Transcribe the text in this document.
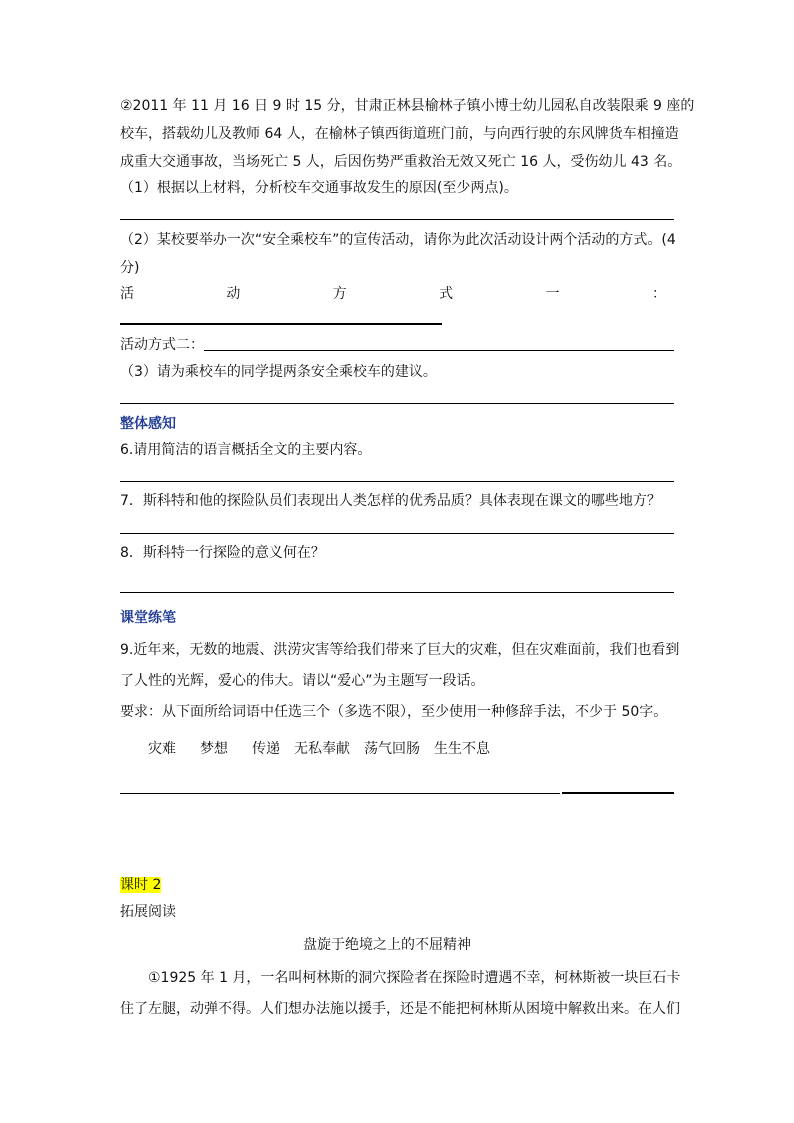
②2011 年 11 月 16 日 9 时 15 分，甘肃正林县榆林子镇小博士幼儿园私自改装限乘 9 座的
校车，搭载幼儿及教师 64 人，在榆林子镇西街道班门前，与向西行驶的东风牌货车相撞造
成重大交通事故，当场死亡 5 人，后因伤势严重救治无效又死亡 16 人，受伤幼儿 43 名。
（1）根据以上材料，分析校车交通事故发生的原因(至少两点)。
（2）某校要举办一次“安全乘校车”的宣传活动，请你为此次活动设计两个活动的方式。(4
分)
活	动	方	式	一	：
活动方式二：
（3）请为乘校车的同学提两条安全乘校车的建议。
整体感知
6.请用简洁的语言概括全文的主要内容。
7．斯科特和他的探险队员们表现出人类怎样的优秀品质？具体表现在课文的哪些地方？
8．斯科特一行探险的意义何在？
课堂练笔
9.近年来，无数的地震、洪涝灾害等给我们带来了巨大的灾难，但在灾难面前，我们也看到
了人性的光辉，爱心的伟大。请以“爱心”为主题写一段话。
要求：从下面所给词语中任选三个（多选不限），至少使用一种修辞手法，不少于 50字。
灾难	梦想	传递	无私奉献	荡气回肠	生生不息
课时 2
拓展阅读
盘旋于绝境之上的不屈精神
①1925 年 1 月，一名叫柯林斯的洞穴探险者在探险时遭遇不幸，柯林斯被一块巨石卡
住了左腿，动弹不得。人们想办法施以援手，还是不能把柯林斯从困境中解救出来。在人们
